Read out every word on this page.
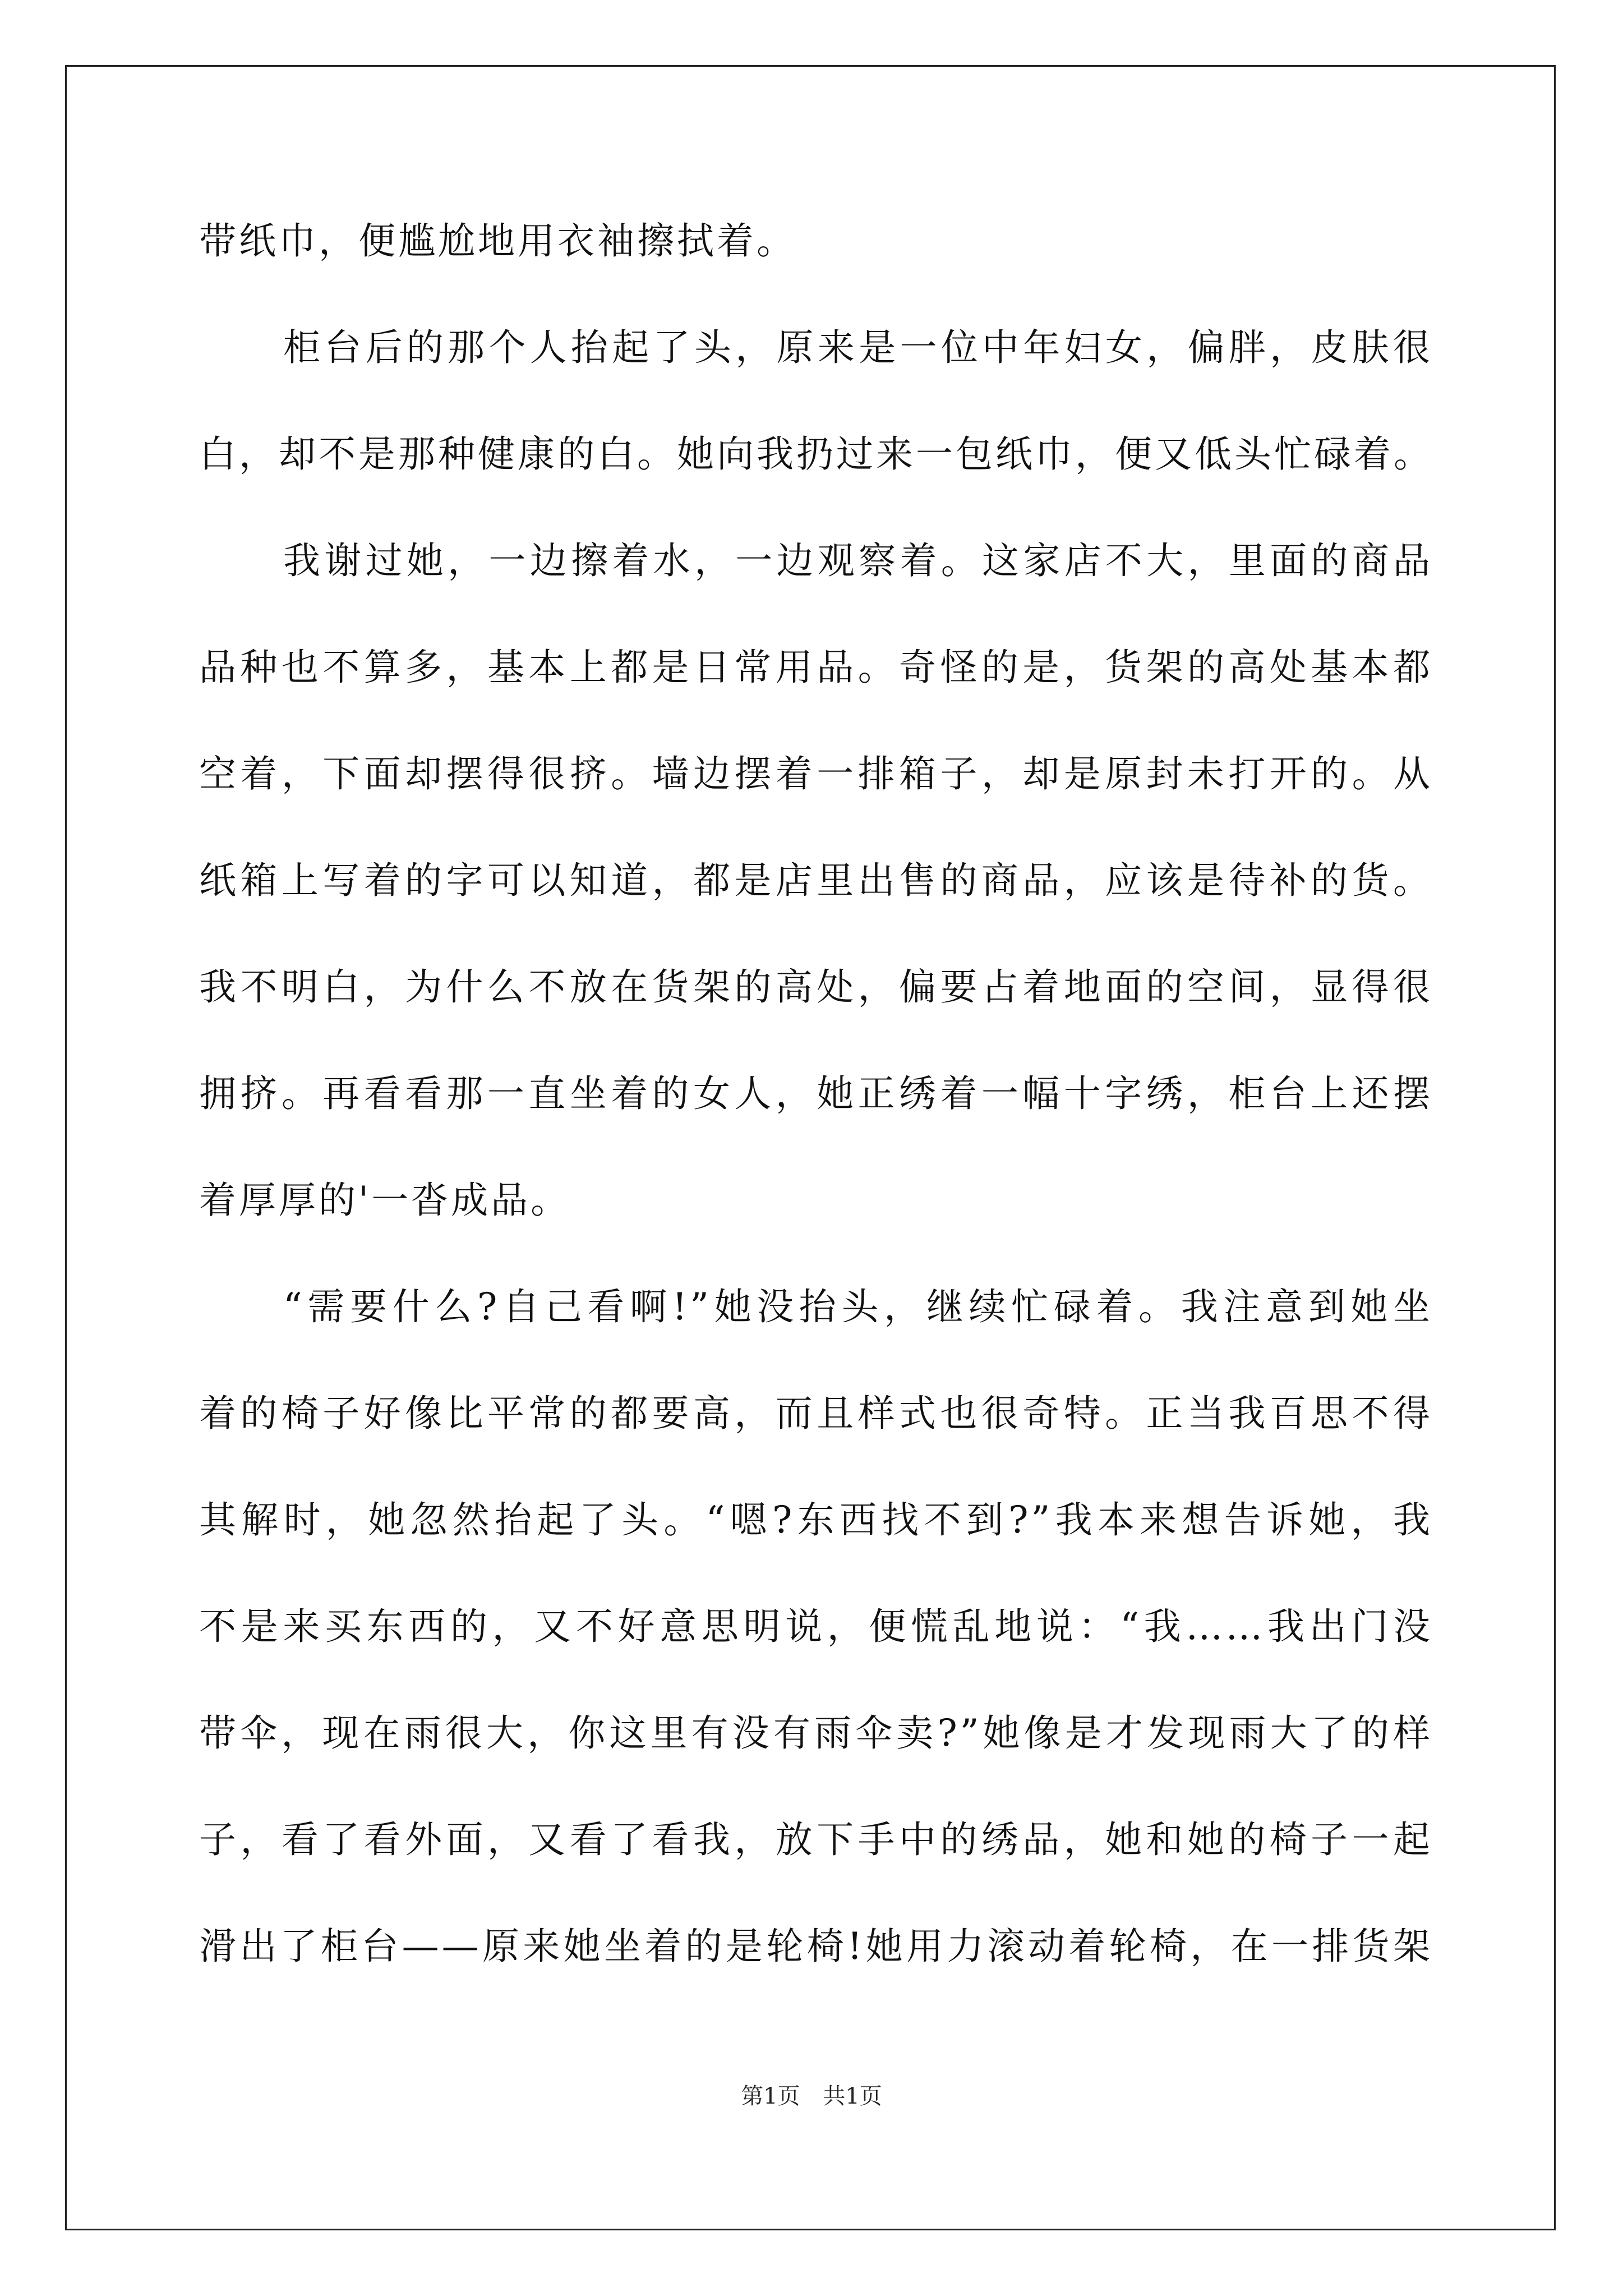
带纸巾，便尴尬地用衣袖擦拭着。
柜台后的那个人抬起了头，原来是一位中年妇女，偏胖，皮肤很
白，却不是那种健康的白。她向我扔过来一包纸巾，便又低头忙碌着。
我谢过她，一边擦着水，一边观察着。这家店不大，里面的商品
品种也不算多，基本上都是日常用品。奇怪的是，货架的高处基本都
空着，下面却摆得很挤。墙边摆着一排箱子，却是原封未打开的。从
纸箱上写着的字可以知道，都是店里出售的商品，应该是待补的货。
我不明白，为什么不放在货架的高处，偏要占着地面的空间，显得很
拥挤。再看看那一直坐着的女人，她正绣着一幅十字绣，柜台上还摆
着厚厚的'一沓成品。
“需要什么?自己看啊!”她没抬头，继续忙碌着。我注意到她坐
着的椅子好像比平常的都要高，而且样式也很奇特。正当我百思不得
其解时，她忽然抬起了头。“嗯?东西找不到?”我本来想告诉她，我
不是来买东西的，又不好意思明说，便慌乱地说：“我……我出门没
带伞，现在雨很大，你这里有没有雨伞卖?”她像是才发现雨大了的样
子，看了看外面，又看了看我，放下手中的绣品，她和她的椅子一起
滑出了柜台——原来她坐着的是轮椅!她用力滚动着轮椅，在一排货架
第1页 共1页
